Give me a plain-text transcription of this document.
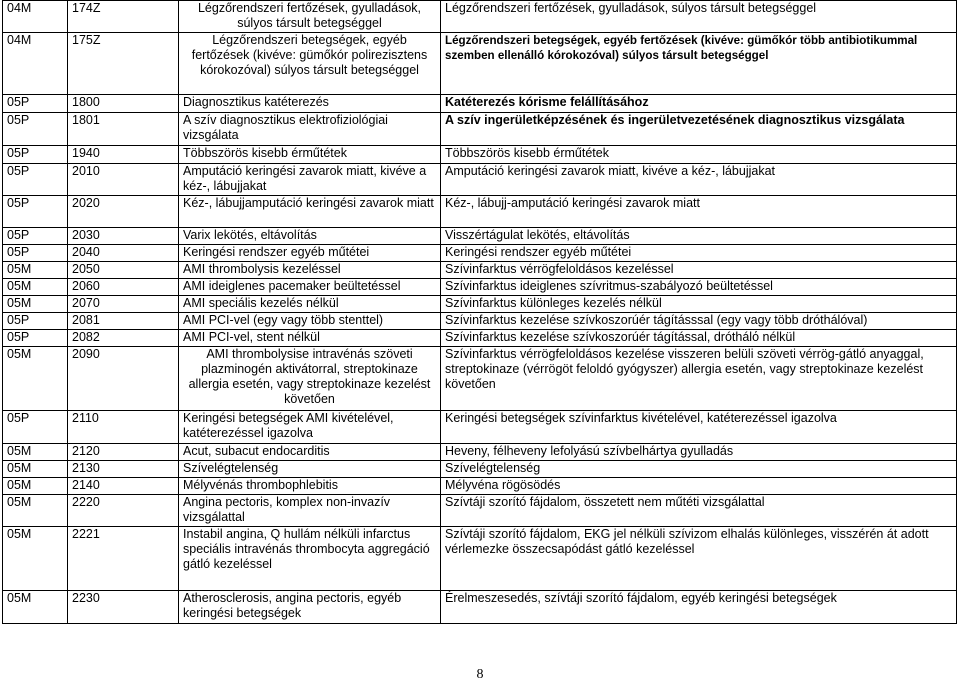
04M	174Z	Légzőrendszeri fertőzések, gyulladások, súlyos társult betegséggel	Légzőrendszeri fertőzések, gyulladások, súlyos társult betegséggel
04M	175Z	Légzőrendszeri betegségek, egyéb fertőzések (kivéve: gümőkór polirezisztens kórokozóval) súlyos társult betegséggel	Légzőrendszeri betegségek, egyéb fertőzések (kivéve: gümőkór több antibiotikummal szemben ellenálló kórokozóval) súlyos társult betegséggel
05P	1800	Diagnosztikus katéterezés	Katéterezés kórisme felállításához
05P	1801	A szív diagnosztikus elektrofiziológiai vizsgálata	A szív ingerületképzésének és ingerületvezetésének diagnosztikus vizsgálata
05P	1940	Többszörös kisebb érműtétek	Többszörös kisebb érműtétek
05P	2010	Amputáció keringési zavarok miatt, kivéve a kéz-, lábujjakat	Amputáció keringési zavarok miatt, kivéve a kéz-, lábujjakat
05P	2020	Kéz-, lábujjamputáció keringési zavarok miatt	Kéz-, lábujj-amputáció keringési zavarok miatt
05P	2030	Varix lekötés, eltávolítás	Visszértágulat lekötés, eltávolítás
05P	2040	Keringési rendszer egyéb műtétei	Keringési rendszer egyéb műtétei
05M	2050	AMI thrombolysis kezeléssel	Szívinfarktus vérrögfeloldásos kezeléssel
05M	2060	AMI ideiglenes pacemaker beültetéssel	Szívinfarktus ideiglenes szívritmus-szabályozó beültetéssel
05M	2070	AMI speciális kezelés nélkül	Szívinfarktus különleges kezelés nélkül
05P	2081	AMI PCI-vel (egy vagy több stenttel)	Szívinfarktus kezelése szívkoszorúér tágításssal (egy vagy több dróthálóval)
05P	2082	AMI PCI-vel, stent nélkül	Szívinfarktus kezelése szívkoszorúér tágítással, dróthálό nélkül
05M	2090	AMI thrombolysise intravénás szöveti plazminogén aktivátorral, streptokinaze allergia esetén, vagy streptokinaze kezelést követően	Szívinfarktus vérrögfeloldásos kezelése visszeren belüli szöveti vérrög-gátló anyaggal, streptokinaze (vérrögöt feloldó gyógyszer) allergia esetén, vagy streptokinaze kezelést követően
05P	2110	Keringési betegségek AMI kivételével, katéterezéssel igazolva	Keringési betegségek szívinfarktus kivételével, katéterezéssel igazolva
05M	2120	Acut, subacut endocarditis	Heveny, félheveny lefolyású szívbelhártya gyulladás
05M	2130	Szívelégtelenség	Szívelégtelenség
05M	2140	Mélyvénás thrombophlebitis	Mélyvéna rögösödés
05M	2220	Angina pectoris, komplex non-invazív vizsgálattal	Szívtáji szorító fájdalom, összetett nem műtéti vizsgálattal
05M	2221	Instabil angina, Q hullám nélküli infarctus speciális intravénás thrombocyta aggregáció gátló kezeléssel	Szívtáji szorító fájdalom, EKG jel nélküli szívizom elhalás különleges, visszérén át adott vérlemezke összecsapódást gátló kezeléssel
05M	2230	Atherosclerosis, angina pectoris, egyéb keringési betegségek	Érelmeszesedés, szívtáji szorító fájdalom, egyéb keringési betegségek
8
